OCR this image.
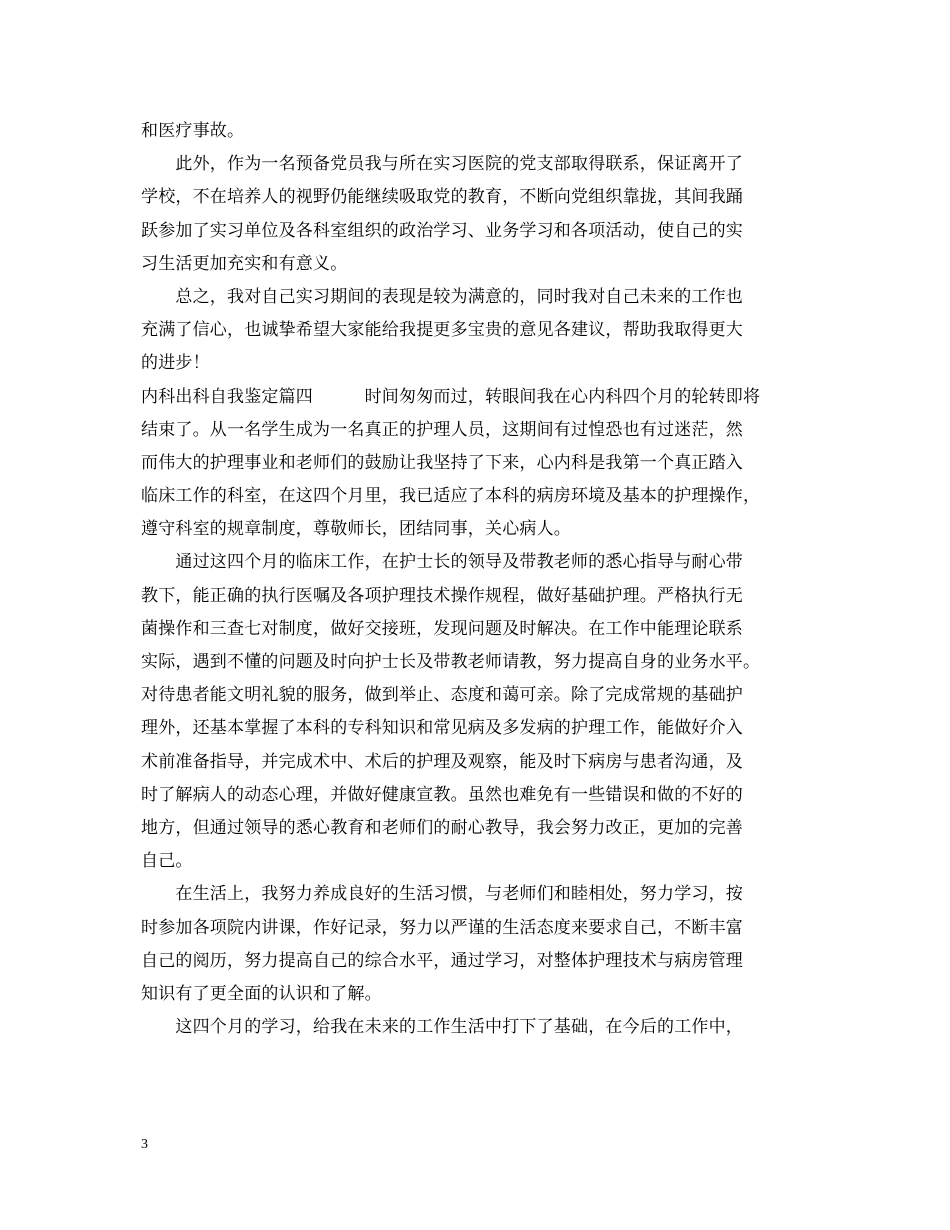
和医疗事故。
　　此外，作为一名预备党员我与所在实习医院的党支部取得联系，保证离开了
学校，不在培养人的视野仍能继续吸取党的教育，不断向党组织靠拢，其间我踊
跃参加了实习单位及各科室组织的政治学习、业务学习和各项活动，使自己的实
习生活更加充实和有意义。
　　总之，我对自己实习期间的表现是较为满意的，同时我对自己未来的工作也
充满了信心，也诚挚希望大家能给我提更多宝贵的意见各建议，帮助我取得更大
的进步！
内科出科自我鉴定篇四　　　时间匆匆而过，转眼间我在心内科四个月的轮转即将
结束了。从一名学生成为一名真正的护理人员，这期间有过惶恐也有过迷茫，然
而伟大的护理事业和老师们的鼓励让我坚持了下来，心内科是我第一个真正踏入
临床工作的科室，在这四个月里，我已适应了本科的病房环境及基本的护理操作，
遵守科室的规章制度，尊敬师长，团结同事，关心病人。
　　通过这四个月的临床工作，在护士长的领导及带教老师的悉心指导与耐心带
教下，能正确的执行医嘱及各项护理技术操作规程，做好基础护理。严格执行无
菌操作和三查七对制度，做好交接班，发现问题及时解决。在工作中能理论联系
实际，遇到不懂的问题及时向护士长及带教老师请教，努力提高自身的业务水平。
对待患者能文明礼貌的服务，做到举止、态度和蔼可亲。除了完成常规的基础护
理外，还基本掌握了本科的专科知识和常见病及多发病的护理工作，能做好介入
术前准备指导，并完成术中、术后的护理及观察，能及时下病房与患者沟通，及
时了解病人的动态心理，并做好健康宣教。虽然也难免有一些错误和做的不好的
地方，但通过领导的悉心教育和老师们的耐心教导，我会努力改正，更加的完善
自己。
　　在生活上，我努力养成良好的生活习惯，与老师们和睦相处，努力学习，按
时参加各项院内讲课，作好记录，努力以严谨的生活态度来要求自己，不断丰富
自己的阅历，努力提高自己的综合水平，通过学习，对整体护理技术与病房管理
知识有了更全面的认识和了解。
　　这四个月的学习，给我在未来的工作生活中打下了基础，在今后的工作中，
3
